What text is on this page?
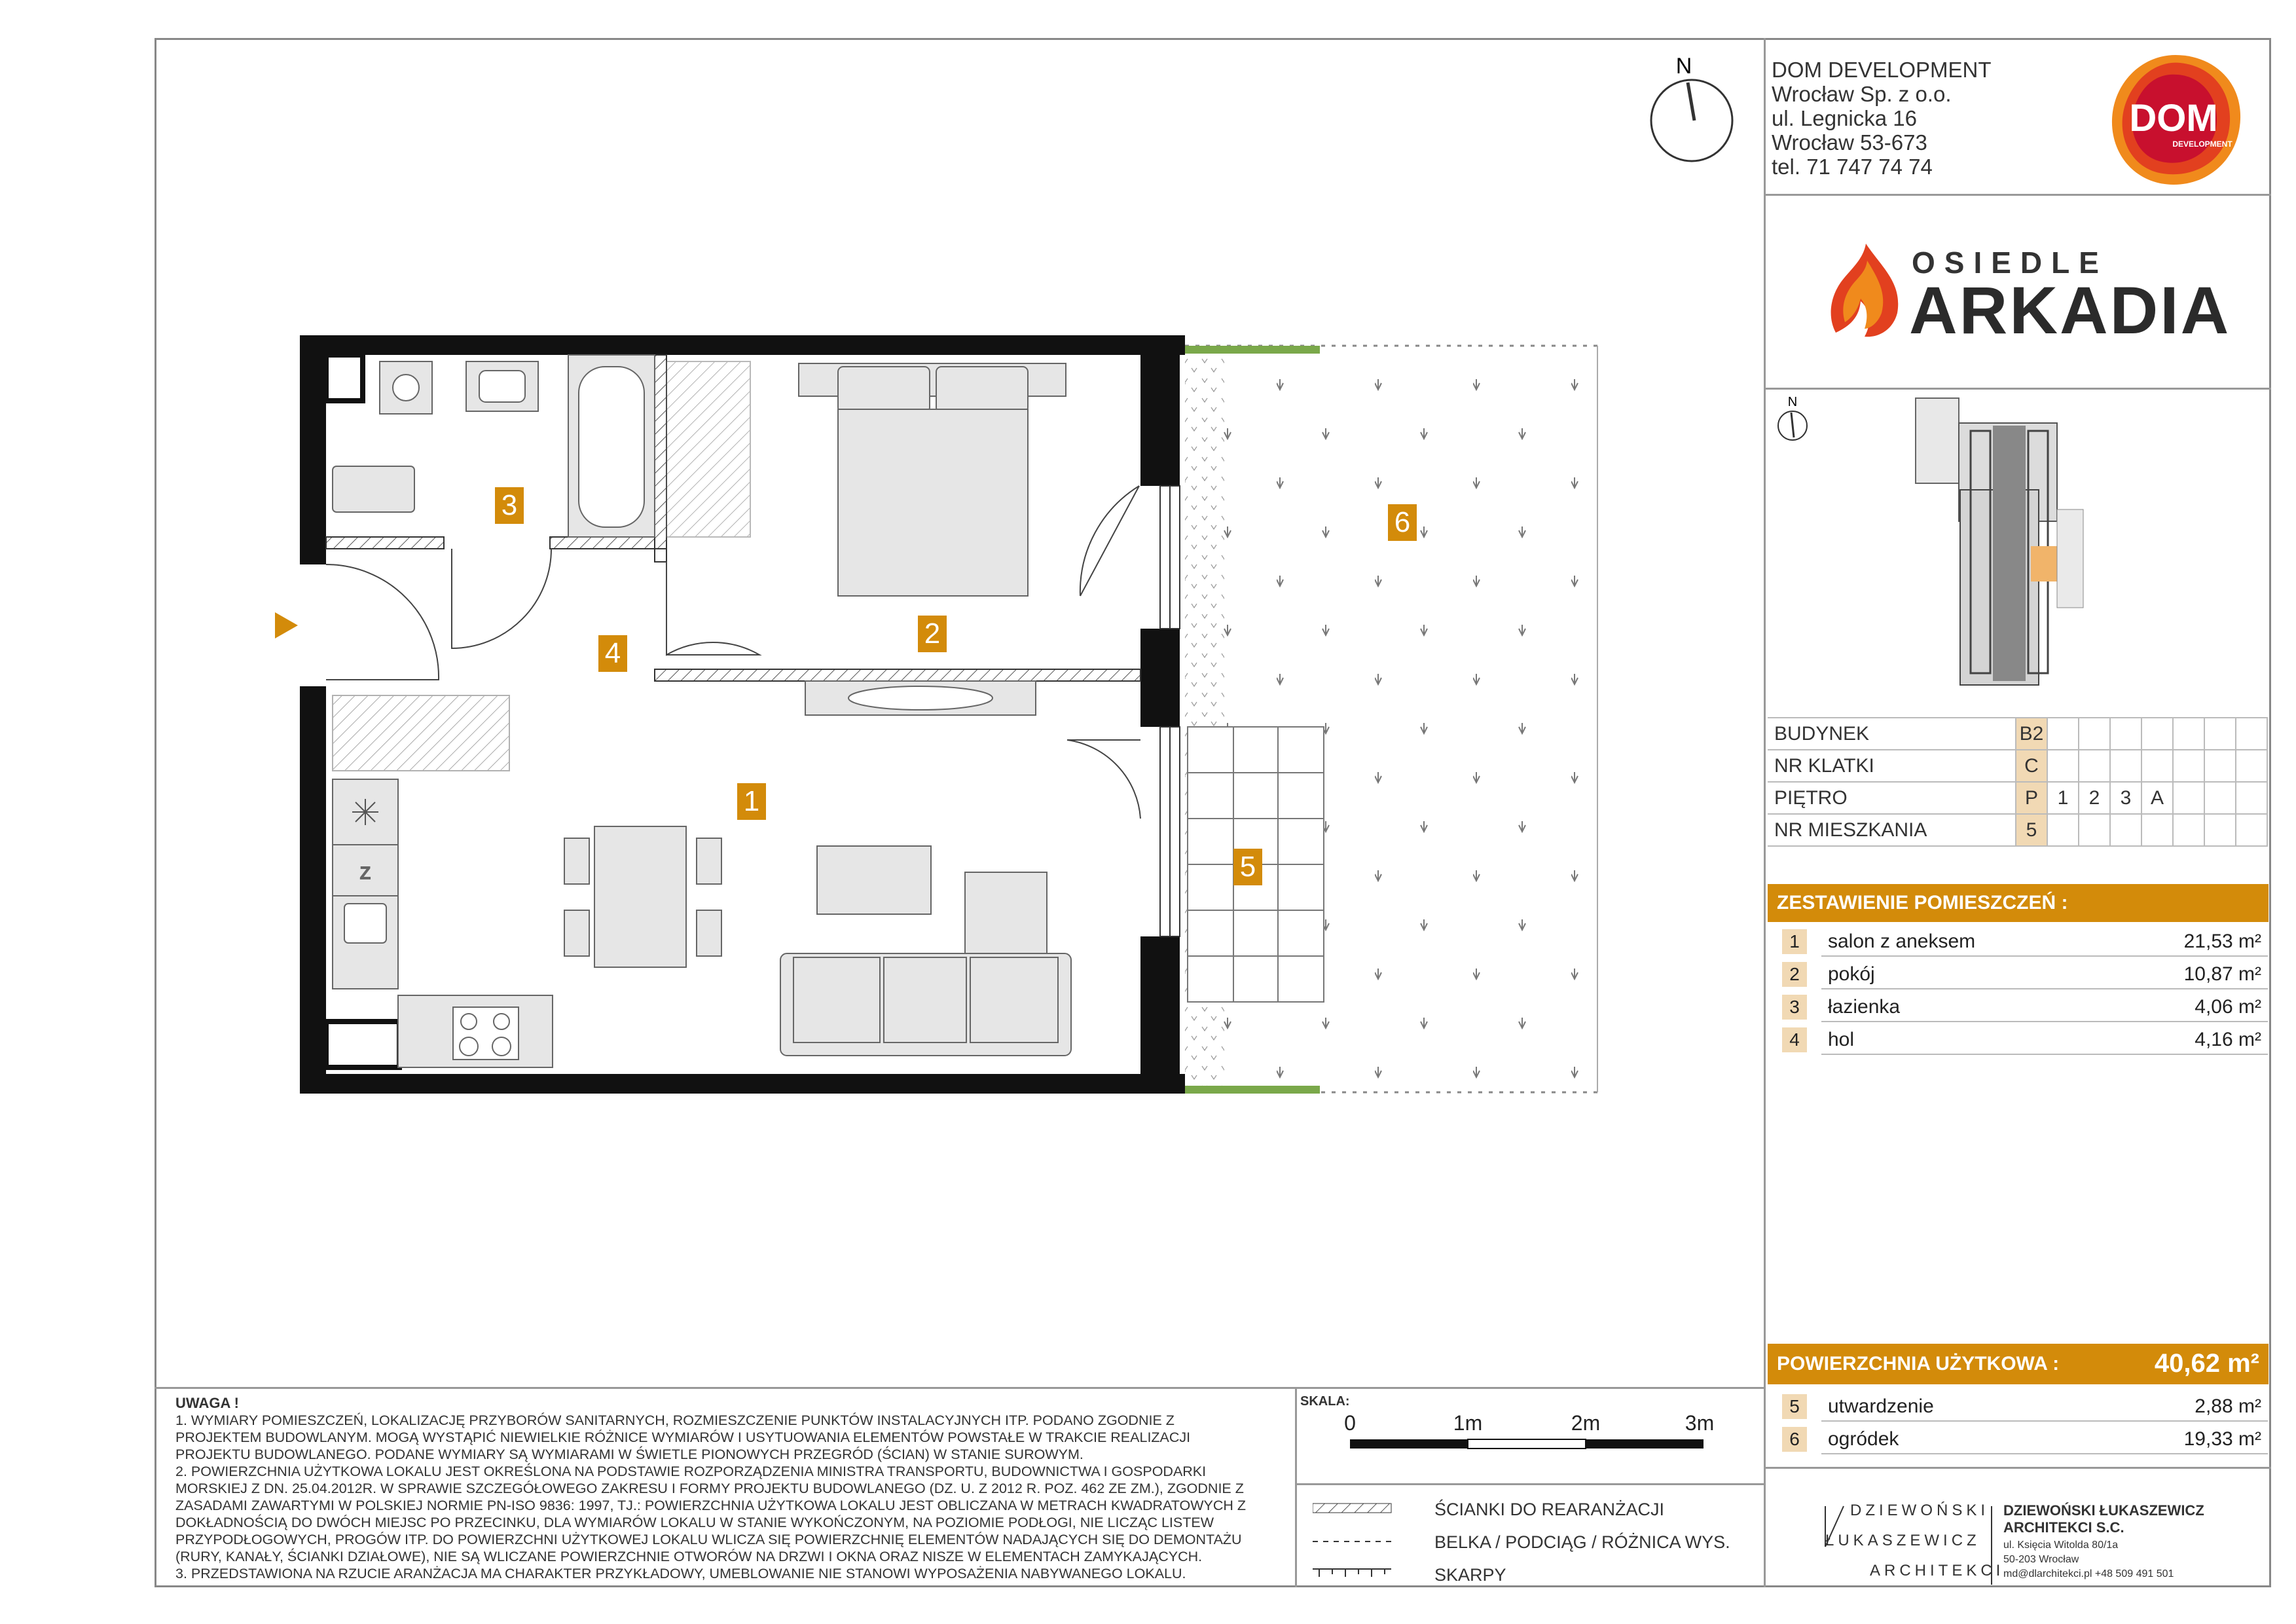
DOM DEVELOPMENT
Wrocław Sp. z o.o.
ul. Legnicka 16
Wrocław 53-673
tel. 71 747 74 74
DOM
DEVELOPMENT
OSIEDLE
ARKADIA
N
N
BUDYNEK	B2							
NR KLATKI	C							
PIĘTRO	P	1	2	3	A			
NR MIESZKANIA	5							
ZESTAWIENIE POMIESZCZEŃ :
1	salon z aneksem	21,53 m²
2	pokój	10,87 m²
3	łazienka	4,06 m²
4	hol	4,16 m²
POWIERZCHNIA UŻYTKOWA :	40,62 m²
5	utwardzenie	2,88 m²
6	ogródek	19,33 m²
Z
1
2
3
4
5
6
UWAGA !
1. WYMIARY POMIESZCZEŃ, LOKALIZACJĘ PRZYBORÓW SANITARNYCH, ROZMIESZCZENIE PUNKTÓW INSTALACYJNYCH ITP. PODANO ZGODNIE Z PROJEKTEM BUDOWLANYM. MOGĄ WYSTĄPIĆ NIEWIELKIE RÓŻNICE WYMIARÓW I USYTUOWANIA ELEMENTÓW POWSTAŁE W TRAKCIE REALIZACJI PROJEKTU BUDOWLANEGO. PODANE WYMIARY SĄ WYMIARAMI W ŚWIETLE PIONOWYCH PRZEGRÓD (ŚCIAN) W STANIE SUROWYM.
2. POWIERZCHNIA UŻYTKOWA LOKALU JEST OKREŚLONA NA PODSTAWIE ROZPORZĄDZENIA MINISTRA TRANSPORTU, BUDOWNICTWA I GOSPODARKI MORSKIEJ Z DN. 25.04.2012R. W SPRAWIE SZCZEGÓŁOWEGO ZAKRESU I FORMY PROJEKTU BUDOWLANEGO (DZ. U. Z 2012 R. POZ. 462 ZE ZM.), ZGODNIE Z ZASADAMI ZAWARTYMI W POLSKIEJ NORMIE PN-ISO 9836: 1997, TJ.: POWIERZCHNIA UŻYTKOWA LOKALU JEST OBLICZANA W METRACH KWADRATOWYCH Z DOKŁADNOŚCIĄ DO DWÓCH MIEJSC PO PRZECINKU, DLA WYMIARÓW LOKALU W STANIE WYKOŃCZONYM, NA POZIOMIE PODŁOGI, NIE LICZĄC LISTEW PRZYPODŁOGOWYCH, PROGÓW ITP. DO POWIERZCHNI UŻYTKOWEJ LOKALU WLICZA SIĘ POWIERZCHNIĘ ELEMENTÓW NADAJĄCYCH SIĘ DO DEMONTAŻU (RURY, KANAŁY, ŚCIANKI DZIAŁOWE), NIE SĄ WLICZANE POWIERZCHNIE OTWORÓW NA DRZWI I OKNA ORAZ NISZE W ELEMENTACH ZAMYKAJĄCYCH.
3. PRZEDSTAWIONA NA RZUCIE ARANŻACJA MA CHARAKTER PRZYKŁADOWY, UMEBLOWANIE NIE STANOWI WYPOSAŻENIA NABYWANEGO LOKALU.
SKALA:
0	1m	2m	3m
ŚCIANKI DO REARANŻACJI
BELKA / PODCIĄG / RÓŻNICA WYS.
SKARPY
DZIEWOŃSKI
ŁUKASZEWICZ
ARCHITEKCI
DZIEWOŃSKI ŁUKASZEWICZ
ARCHITEKCI S.C.
ul. Księcia Witolda 80/1a
50-203 Wrocław
md@dlarchitekci.pl +48 509 491 501
